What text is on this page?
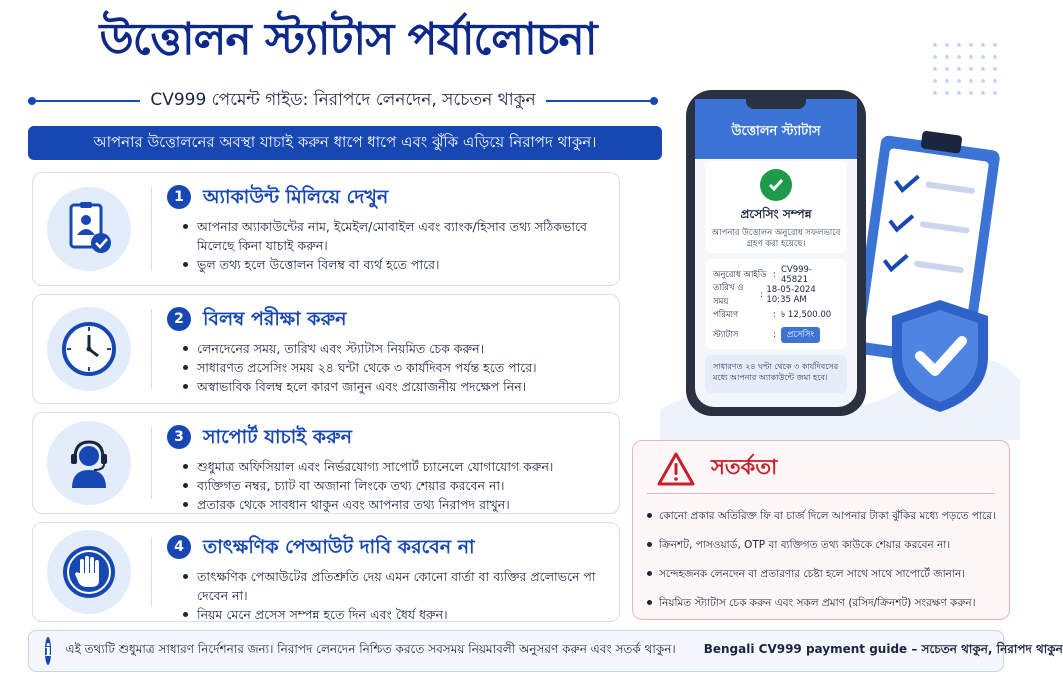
উত্তোলন স্ট্যাটাস পর্যালোচনা
CV999 পেমেন্ট গাইড: নিরাপদে লেনদেন, সচেতন থাকুন
আপনার উত্তোলনের অবস্থা যাচাই করুন ধাপে ধাপে এবং ঝুঁকি এড়িয়ে নিরাপদ থাকুন।
1	অ্যাকাউন্ট মিলিয়ে দেখুন
আপনার অ্যাকাউন্টের নাম, ইমেইল/মোবাইল এবং ব্যাংক/হিসাব তথ্য সঠিকভাবে মিলেছে কিনা যাচাই করুন।
ভুল তথ্য হলে উত্তোলন বিলম্ব বা ব্যর্থ হতে পারে।
2	বিলম্ব পরীক্ষা করুন
লেনদেনের সময়, তারিখ এবং স্ট্যাটাস নিয়মিত চেক করুন।
সাধারণত প্রসেসিং সময় ২৪ ঘন্টা থেকে ৩ কার্যদিবস পর্যন্ত হতে পারে।
অস্বাভাবিক বিলম্ব হলে কারণ জানুন এবং প্রয়োজনীয় পদক্ষেপ নিন।
3	সাপোর্ট যাচাই করুন
শুধুমাত্র অফিসিয়াল এবং নির্ভরযোগ্য সাপোর্ট চ্যানেলে যোগাযোগ করুন।
ব্যক্তিগত নম্বর, চ্যাট বা অজানা লিংকে তথ্য শেয়ার করবেন না।
প্রতারক থেকে সাবধান থাকুন এবং আপনার তথ্য নিরাপদ রাখুন।
4	তাৎক্ষণিক পেআউট দাবি করবেন না
তাৎক্ষণিক পেআউটের প্রতিশ্রুতি দেয় এমন কোনো বার্তা বা ব্যক্তির প্রলোভনে পা দেবেন না।
নিয়ম মেনে প্রসেস সম্পন্ন হতে দিন এবং ধৈর্য ধরুন।
উত্তোলন স্ট্যাটাস
প্রসেসিং সম্পন্ন
আপনার উত্তোলন অনুরোধ সফলভাবে গ্রহণ করা হয়েছে।
অনুরোধ আইডি : CV999-45821
তারিখ ও সময়
: 18-05-2024 10:35 AM
পরিমাণ	: ৳ 12,500.00
স্ট্যাটাস	:	প্রসেসিং
সাধারণত ২৪ ঘন্টা থেকে ৩ কার্যদিবসের মধ্যে আপনার অ্যাকাউন্টে জমা হবে।
সতর্কতা
কোনো প্রকার অতিরিক্ত ফি বা চার্জ দিলে আপনার টাকা ঝুঁকির মধ্যে পড়তে পারে।
ক্রিনশট, পাসওয়ার্ড, OTP বা ব্যক্তিগত তথ্য কাউকে শেয়ার করবেন না।
সন্দেহজনক লেনদেন বা প্রতারণার চেষ্টা হলে সাথে সাথে সাপোর্টে জানান।
নিয়মিত স্ট্যাটাস চেক করুন এবং সকল প্রমাণ (রসিদ/ক্রিনশট) সংরক্ষণ করুন।
i এই তথ্যটি শুধুমাত্র সাধারণ নির্দেশনার জন্য। নিরাপদ লেনদেন নিশ্চিত করতে সবসময় নিয়মাবলী অনুসরণ করুন এবং সতর্ক থাকুন। Bengali CV999 payment guide – সচেতন থাকুন, নিরাপদ থাকুন
